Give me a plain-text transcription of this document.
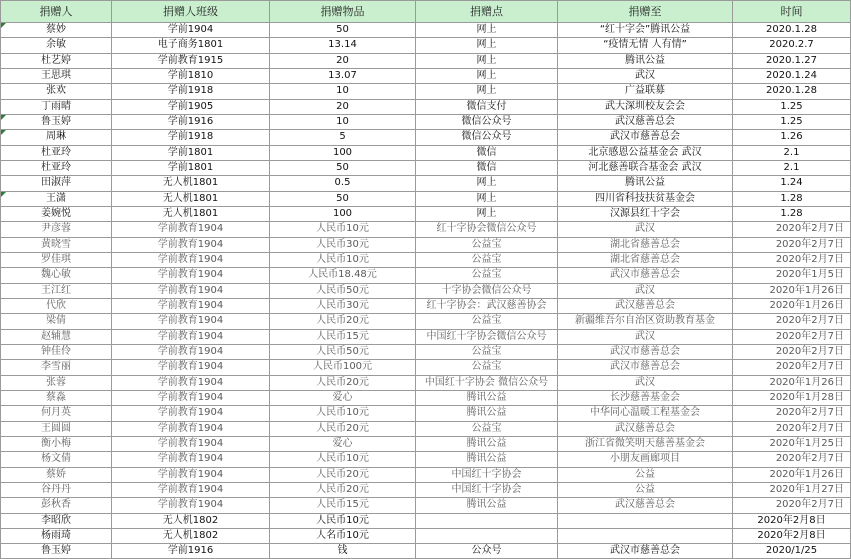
捐赠人	捐赠人班级	捐赠物品	捐赠点	捐赠至	时间
蔡妙	学前1904	50	网上	“红十字会”腾讯公益	2020.1.28
余敏	电子商务1801	13.14	网上	“疫情无情 人有情”	2020.2.7
杜艺婷	学前教育1915	20	网上	腾讯公益	2020.1.27
王思琪	学前1810	13.07	网上	武汉	2020.1.24
张欢	学前1918	10	网上	广益联募	2020.1.28
丁雨晴	学前1905	20	微信支付	武大深圳校友会会	1.25
鲁玉婷	学前1916	10	微信公众号	武汉慈善总会	1.25
周琳	学前1918	5	微信公众号	武汉市慈善总会	1.26
杜亚玲	学前1801	100	微信	北京感恩公益基金会 武汉	2.1
杜亚玲	学前1801	50	微信	河北慈善联合基金会 武汉	2.1
田淑萍	无人机1801	0.5	网上	腾讯公益	1.24
王潇	无人机1801	50	网上	四川省科技扶贫基金会	1.28
姜婉悦	无人机1801	100	网上	汉源县红十字会	1.28
尹彦蓉	学前教育1904	人民币10元	红十字协会微信公众号	武汉	2020年2月7日
黄晓雪	学前教育1904	人民币30元	公益宝	湖北省慈善总会	2020年2月7日
罗佳琪	学前教育1904	人民币10元	公益宝	湖北省慈善总会	2020年2月7日
魏心敏	学前教育1904	人民币18.48元	公益宝	武汉市慈善总会	2020年1月5日
王江红	学前教育1904	人民币50元	十字协会微信公众号	武汉	2020年1月26日
代欣	学前教育1904	人民币30元	红十字协会：武汉慈善协会	武汉慈善总会	2020年1月26日
梁倩	学前教育1904	人民币20元	公益宝	新疆维吾尔自治区资助教育基金	2020年2月7日
赵辅慧	学前教育1904	人民币15元	中国红十字协会微信公众号	武汉	2020年2月7日
钟佳伶	学前教育1904	人民币50元	公益宝	武汉市慈善总会	2020年2月7日
李雪丽	学前教育1904	人民币100元	公益宝	武汉市慈善总会	2020年2月7日
张蓉	学前教育1904	人民币20元	中国红十字协会 微信公众号	武汉	2020年1月26日
蔡淼	学前教育1904	爱心	腾讯公益	长沙慈善基金会	2020年1月28日
何月英	学前教育1904	人民币10元	腾讯公益	中华同心温暖工程基金会	2020年2月7日
王圆圆	学前教育1904	人民币20元	公益宝	武汉慈善总会	2020年2月7日
衡小梅	学前教育1904	爱心	腾讯公益	浙江省微笑明天慈善基金会	2020年1月25日
杨文倩	学前教育1904	人民币10元	腾讯公益	小朋友画廊项目	2020年2月7日
蔡娇	学前教育1904	人民币20元	中国红十字协会	公益	2020年1月26日
谷丹丹	学前教育1904	人民币20元	中国红十字协会	公益	2020年1月27日
彭秋香	学前教育1904	人民币15元	腾讯公益	武汉慈善总会	2020年2月7日
李昭欣	无人机1802	人民币10元			2020年2月8日
杨雨琦	无人机1802	人名币10元			2020年2月8日
鲁玉婷	学前1916	钱	公众号	武汉市慈善总会	2020/1/25
